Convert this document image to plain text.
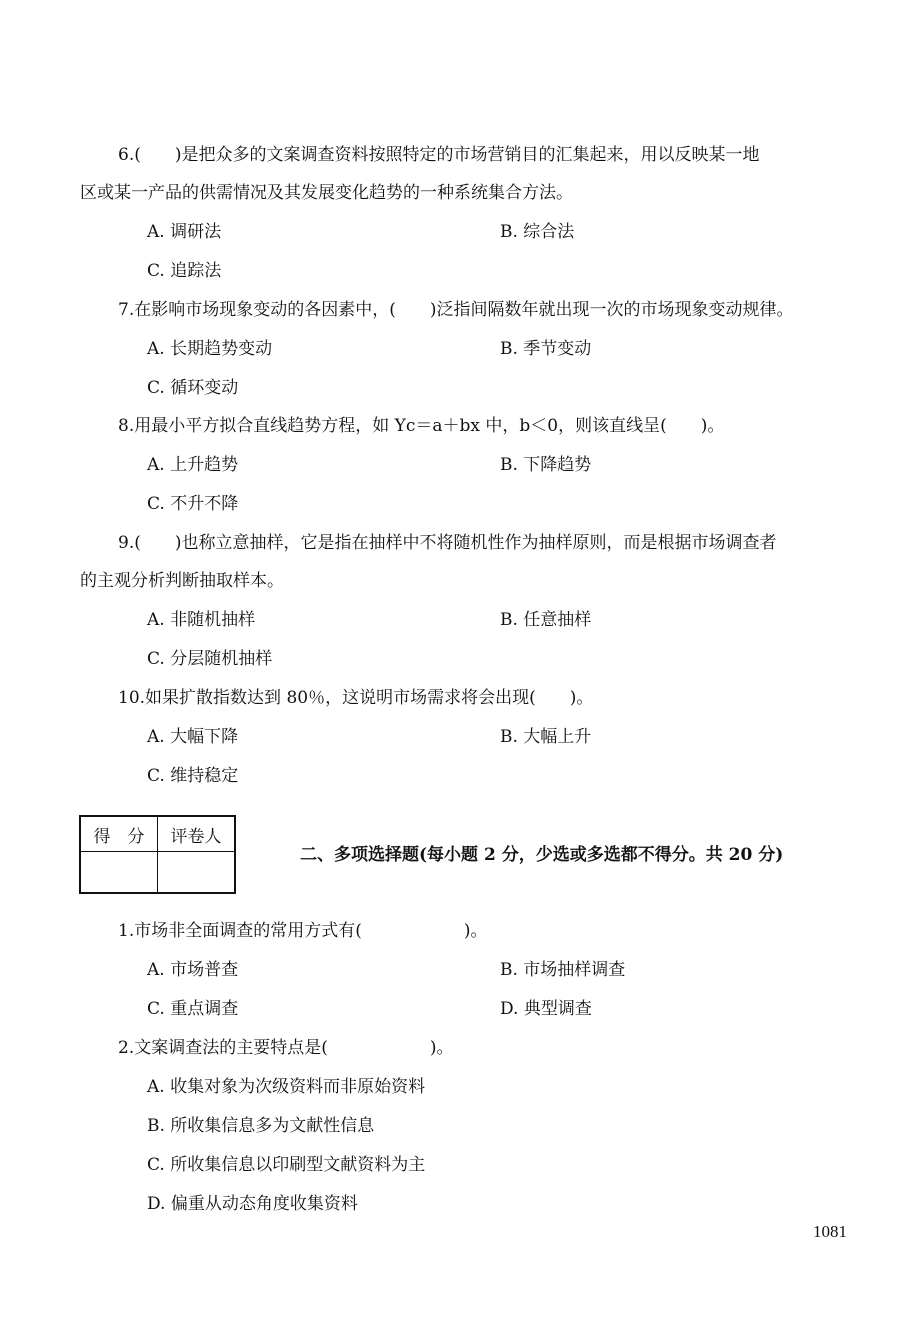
6.(　　)是把众多的文案调查资料按照特定的市场营销目的汇集起来，用以反映某一地
区或某一产品的供需情况及其发展变化趋势的一种系统集合方法。
A. 调研法	B. 综合法
C. 追踪法
7.在影响市场现象变动的各因素中，(　　)泛指间隔数年就出现一次的市场现象变动规律。
A. 长期趋势变动	B. 季节变动
C. 循环变动
8.用最小平方拟合直线趋势方程，如 Yc＝a＋bx 中，b＜0，则该直线呈(　　)。
A. 上升趋势	B. 下降趋势
C. 不升不降
9.(　　)也称立意抽样，它是指在抽样中不将随机性作为抽样原则，而是根据市场调查者
的主观分析判断抽取样本。
A. 非随机抽样	B. 任意抽样
C. 分层随机抽样
10.如果扩散指数达到 80％，这说明市场需求将会出现(　　)。
A. 大幅下降	B. 大幅上升
C. 维持稳定
得　分	评卷人

二、多项选择题(每小题 2 分，少选或多选都不得分。共 20 分)
1.市场非全面调查的常用方式有(　　　　　　)。
A. 市场普查	B. 市场抽样调查
C. 重点调查	D. 典型调查
2.文案调查法的主要特点是(　　　　　　)。
A. 收集对象为次级资料而非原始资料
B. 所收集信息多为文献性信息
C. 所收集信息以印刷型文献资料为主
D. 偏重从动态角度收集资料
1081
